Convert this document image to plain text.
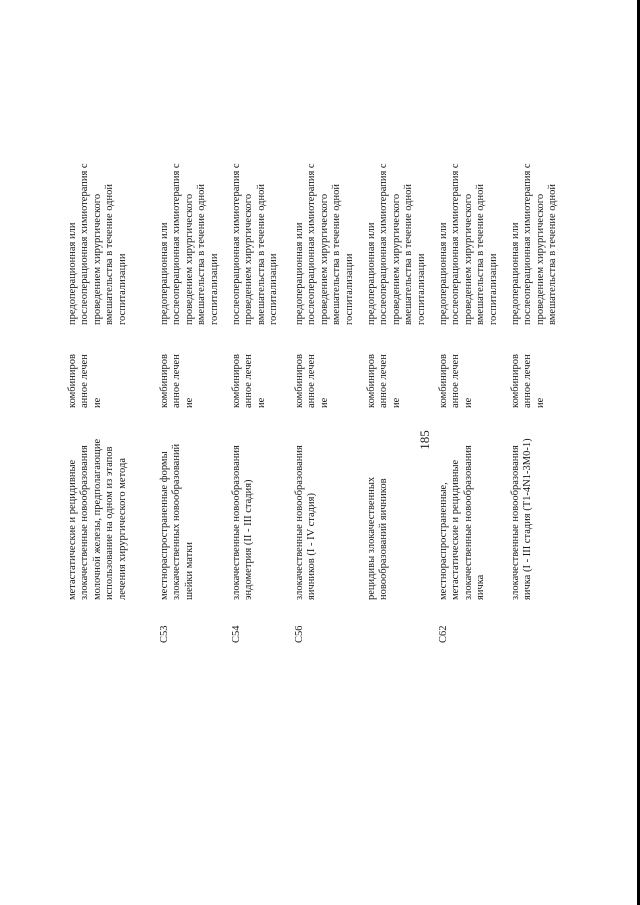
185
метастатические и рецидивные злокачественные новообразования молочной железы, предполагающие использование на одном из этапов лечения хирургического метода
комбинированное лечение
предоперационная или послеоперационная химиотерапия с проведением хирургического вмешательства в течение одной госпитализации
C53
местнораспространенные формы злокачественных новообразований шейки матки
комбинированное лечение
предоперационная или послеоперационная химиотерапия с проведением хирургического вмешательства в течение одной госпитализации
C54
злокачественные новообразования эндометрия (II - III стадия)
комбинированное лечение
послеоперационная химиотерапия с проведением хирургического вмешательства в течение одной госпитализации
C56
злокачественные новообразования яичников (I - IV стадия)
комбинированное лечение
предоперационная или послеоперационная химиотерапия с проведением хирургического вмешательства в течение одной госпитализации
рецидивы злокачественных новообразований яичников
комбинированное лечение
предоперационная или послеоперационная химиотерапия с проведением хирургического вмешательства в течение одной госпитализации
C62
местнораспространенные, метастатические и рецидивные злокачественные новообразования яичка
комбинированное лечение
предоперационная или послеоперационная химиотерапия с проведением хирургического вмешательства в течение одной госпитализации
злокачественные новообразования яичка (I - III стадия (T1-4N1-3M0-1)
комбинированное лечение
предоперационная или послеоперационная химиотерапия с проведением хирургического вмешательства в течение одной
